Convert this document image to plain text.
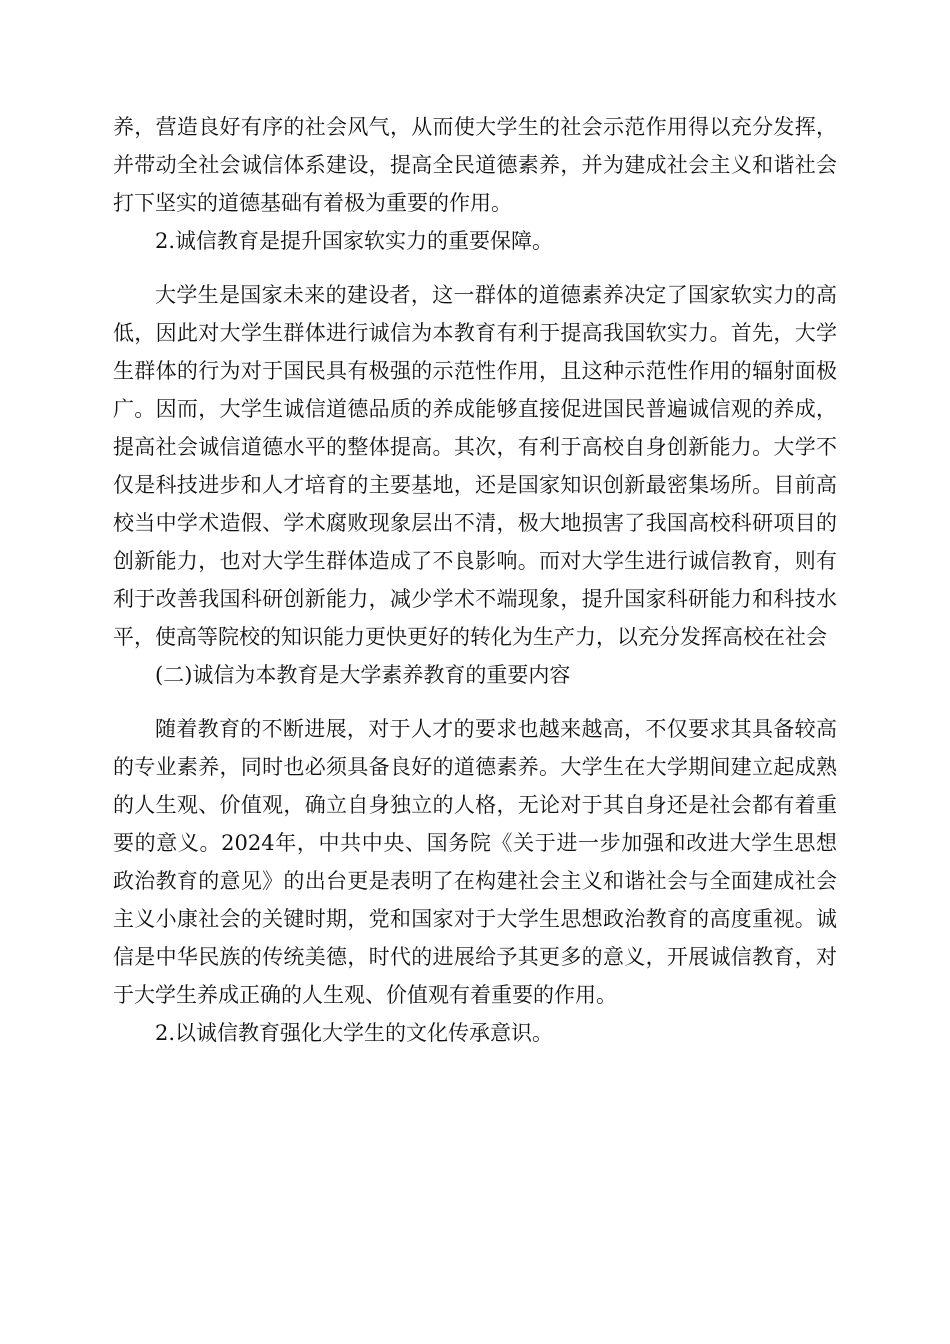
养，营造良好有序的社会风气，从而使大学生的社会示范作用得以充分发挥，并带动全社会诚信体系建设，提高全民道德素养，并为建成社会主义和谐社会打下坚实的道德基础有着极为重要的作用。

2.诚信教育是提升国家软实力的重要保障。

大学生是国家未来的建设者，这一群体的道德素养决定了国家软实力的高低，因此对大学生群体进行诚信为本教育有利于提高我国软实力。首先，大学生群体的行为对于国民具有极强的示范性作用，且这种示范性作用的辐射面极广。因而，大学生诚信道德品质的养成能够直接促进国民普遍诚信观的养成，提高社会诚信道德水平的整体提高。其次，有利于高校自身创新能力。大学不仅是科技进步和人才培育的主要基地，还是国家知识创新最密集场所。目前高校当中学术造假、学术腐败现象层出不清，极大地损害了我国高校科研项目的创新能力，也对大学生群体造成了不良影响。而对大学生进行诚信教育，则有利于改善我国科研创新能力，减少学术不端现象，提升国家科研能力和科技水平，使高等院校的知识能力更快更好的转化为生产力，以充分发挥高校在社会

(二)诚信为本教育是大学素养教育的重要内容

随着教育的不断进展，对于人才的要求也越来越高，不仅要求其具备较高的专业素养，同时也必须具备良好的道德素养。大学生在大学期间建立起成熟的人生观、价值观，确立自身独立的人格，无论对于其自身还是社会都有着重要的意义。2024年，中共中央、国务院《关于进一步加强和改进大学生思想政治教育的意见》的出台更是表明了在构建社会主义和谐社会与全面建成社会主义小康社会的关键时期，党和国家对于大学生思想政治教育的高度重视。诚信是中华民族的传统美德，时代的进展给予其更多的意义，开展诚信教育，对于大学生养成正确的人生观、价值观有着重要的作用。

2.以诚信教育强化大学生的文化传承意识。
